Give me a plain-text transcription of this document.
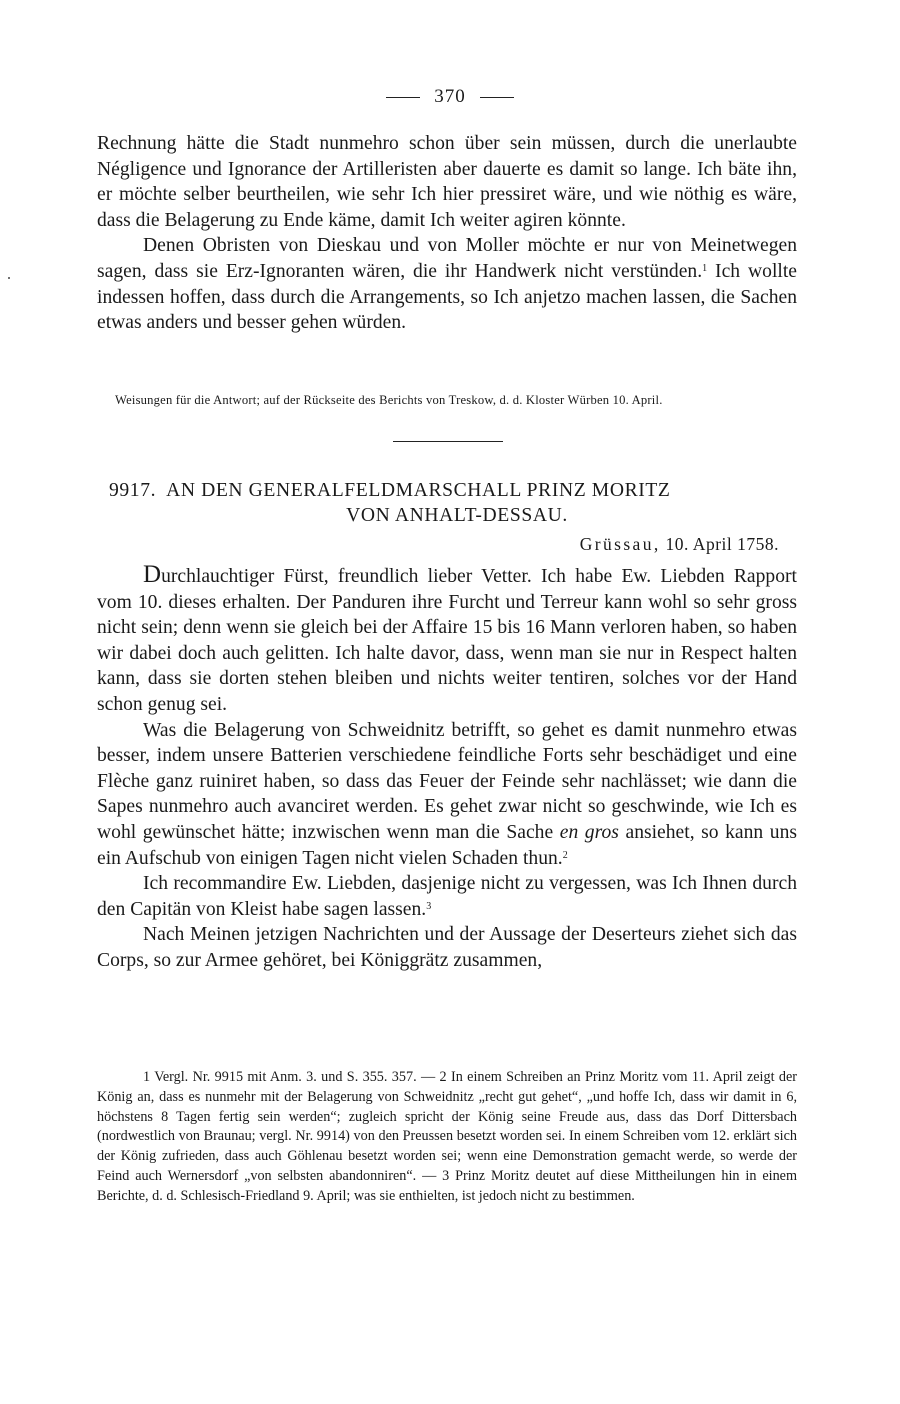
370

Rechnung hätte die Stadt nunmehro schon über sein müssen, durch die unerlaubte Négligence und Ignorance der Artilleristen aber dauerte es damit so lange. Ich bäte ihn, er möchte selber beurtheilen, wie sehr Ich hier pressiret wäre, und wie nöthig es wäre, dass die Belagerung zu Ende käme, damit Ich weiter agiren könnte.

Denen Obristen von Dieskau und von Moller möchte er nur von Meinetwegen sagen, dass sie Erz-Ignoranten wären, die ihr Handwerk nicht verstünden.$^1$ Ich wollte indessen hoffen, dass durch die Arrangements, so Ich anjetzo machen lassen, die Sachen etwas anders und besser gehen würden.

Weisungen für die Antwort; auf der Rückseite des Berichts von Treskow, d. d. Kloster Würben 10. April.

9917. AN DEN GENERALFELDMARSCHALL PRINZ MORITZ
VON ANHALT-DESSAU.
Grüssau, 10. April 1758.

Durchlauchtiger Fürst, freundlich lieber Vetter. Ich habe Ew. Liebden Rapport vom 10. dieses erhalten. Der Panduren ihre Furcht und Terreur kann wohl so sehr gross nicht sein; denn wenn sie gleich bei der Affaire 15 bis 16 Mann verloren haben, so haben wir dabei doch auch gelitten. Ich halte davor, dass, wenn man sie nur in Respect halten kann, dass sie dorten stehen bleiben und nichts weiter tentiren, solches vor der Hand schon genug sei.

Was die Belagerung von Schweidnitz betrifft, so gehet es damit nunmehro etwas besser, indem unsere Batterien verschiedene feindliche Forts sehr beschädiget und eine Flèche ganz ruiniret haben, so dass das Feuer der Feinde sehr nachlässet; wie dann die Sapes nunmehro auch avanciret werden. Es gehet zwar nicht so geschwinde, wie Ich es wohl gewünschet hätte; inzwischen wenn man die Sache en gros ansiehet, so kann uns ein Aufschub von einigen Tagen nicht vielen Schaden thun.$^2$

Ich recommandire Ew. Liebden, dasjenige nicht zu vergessen, was Ich Ihnen durch den Capitän von Kleist habe sagen lassen.$^3$

Nach Meinen jetzigen Nachrichten und der Aussage der Deserteurs ziehet sich das Corps, so zur Armee gehöret, bei Königgrätz zusammen,

1 Vergl. Nr. 9915 mit Anm. 3. und S. 355. 357. — 2 In einem Schreiben an Prinz Moritz vom 11. April zeigt der König an, dass es nunmehr mit der Belagerung von Schweidnitz „recht gut gehet“, „und hoffe Ich, dass wir damit in 6, höchstens 8 Tagen fertig sein werden“; zugleich spricht der König seine Freude aus, dass das Dorf Dittersbach (nordwestlich von Braunau; vergl. Nr. 9914) von den Preussen besetzt worden sei. In einem Schreiben vom 12. erklärt sich der König zufrieden, dass auch Göhlenau besetzt worden sei; wenn eine Demonstration gemacht werde, so werde der Feind auch Wernersdorf „von selbsten abandonniren“. — 3 Prinz Moritz deutet auf diese Mittheilungen hin in einem Berichte, d. d. Schlesisch-Friedland 9. April; was sie enthielten, ist jedoch nicht zu bestimmen.
